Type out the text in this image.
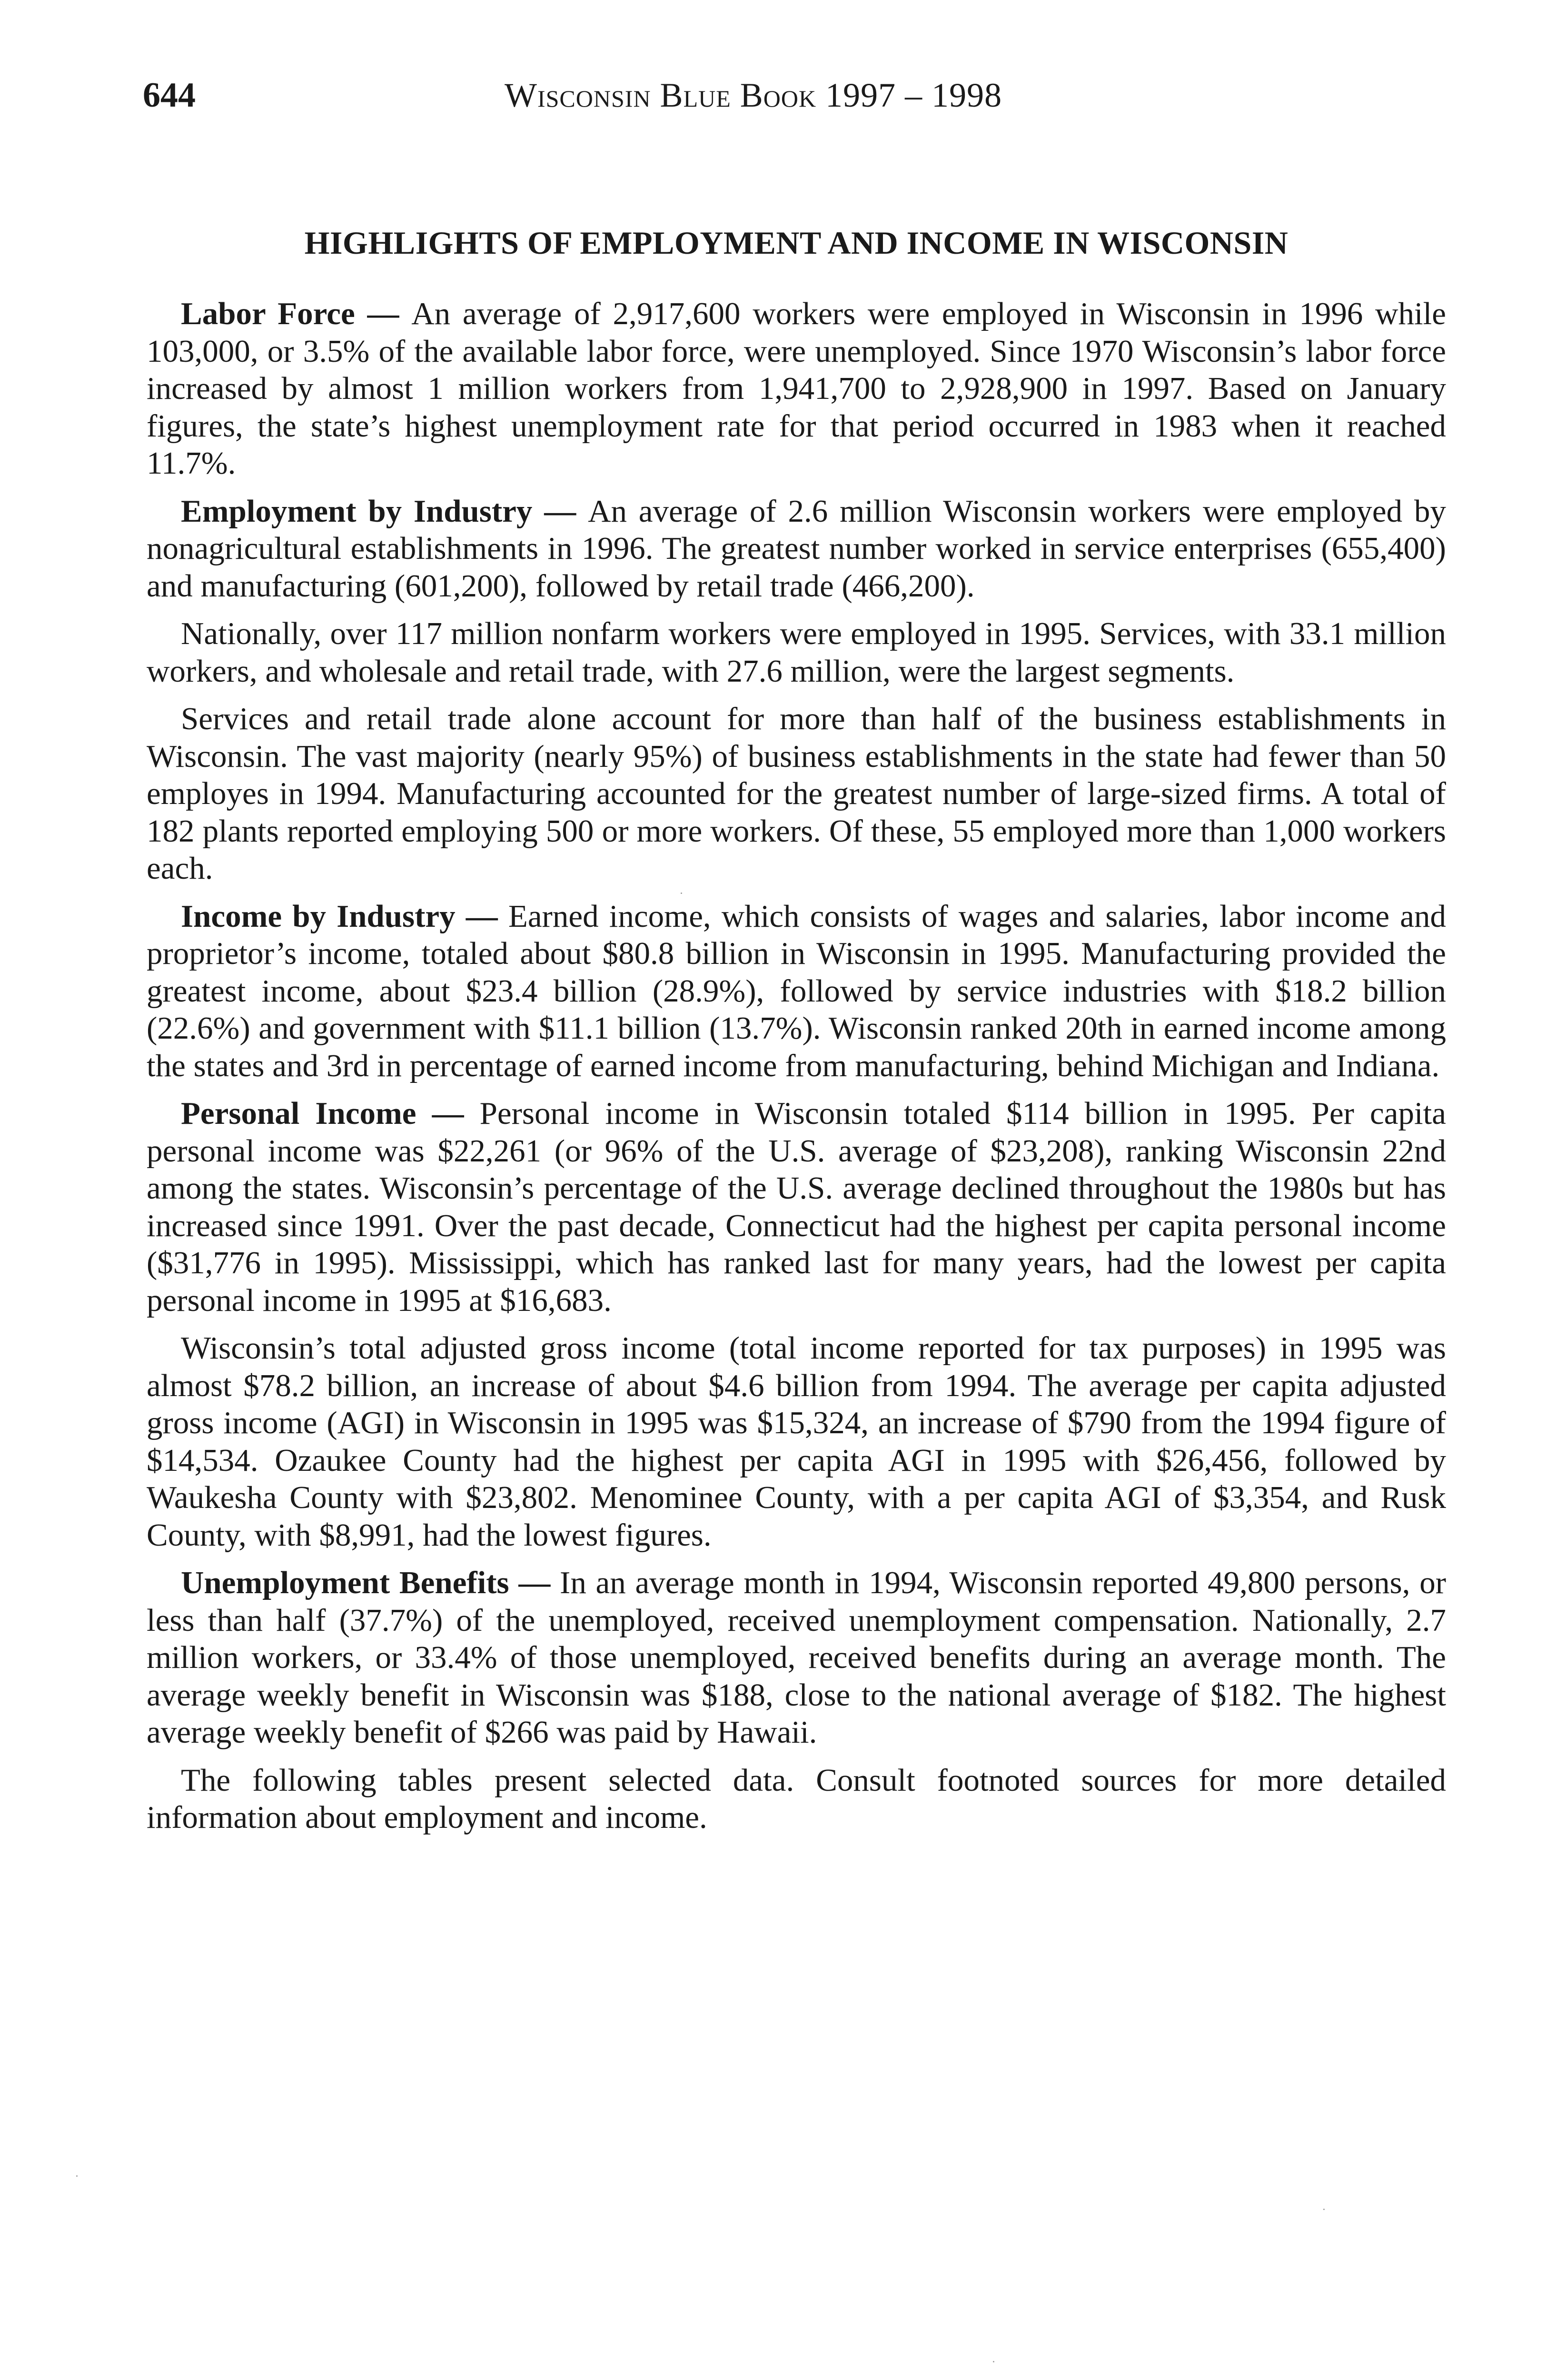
644	Wisconsin Blue Book 1997 – 1998
HIGHLIGHTS OF EMPLOYMENT AND INCOME IN WISCONSIN

Labor Force — An average of 2,917,600 workers were employed in Wisconsin in 1996 while 103,000, or 3.5% of the available labor force, were unemployed. Since 1970 Wisconsin’s labor force increased by almost 1 million workers from 1,941,700 to 2,928,900 in 1997. Based on January figures, the state’s highest unemployment rate for that period occurred in 1983 when it reached 11.7%.

Employment by Industry — An average of 2.6 million Wisconsin workers were employed by nonagricultural establishments in 1996. The greatest number worked in service enterprises (655,400) and manufacturing (601,200), followed by retail trade (466,200).

Nationally, over 117 million nonfarm workers were employed in 1995. Services, with 33.1 million workers, and wholesale and retail trade, with 27.6 million, were the largest segments.

Services and retail trade alone account for more than half of the business establishments in Wisconsin. The vast majority (nearly 95%) of business establishments in the state had fewer than 50 employes in 1994. Manufacturing accounted for the greatest number of large-sized firms. A total of 182 plants reported employing 500 or more workers. Of these, 55 employed more than 1,000 workers each.

Income by Industry — Earned income, which consists of wages and salaries, labor income and proprietor’s income, totaled about $80.8 billion in Wisconsin in 1995. Manufacturing provided the greatest income, about $23.4 billion (28.9%), followed by service industries with $18.2 billion (22.6%) and government with $11.1 billion (13.7%). Wisconsin ranked 20th in earned income among the states and 3rd in percentage of earned income from manufacturing, behind Michigan and Indiana.

Personal Income — Personal income in Wisconsin totaled $114 billion in 1995. Per capita personal income was $22,261 (or 96% of the U.S. average of $23,208), ranking Wisconsin 22nd among the states. Wisconsin’s percentage of the U.S. average declined throughout the 1980s but has increased since 1991. Over the past decade, Connecticut had the highest per capita personal income ($31,776 in 1995). Mississippi, which has ranked last for many years, had the lowest per capita personal income in 1995 at $16,683.

Wisconsin’s total adjusted gross income (total income reported for tax purposes) in 1995 was almost $78.2 billion, an increase of about $4.6 billion from 1994. The average per capita adjusted gross income (AGI) in Wisconsin in 1995 was $15,324, an increase of $790 from the 1994 figure of $14,534. Ozaukee County had the highest per capita AGI in 1995 with $26,456, followed by Waukesha County with $23,802. Menominee County, with a per capita AGI of $3,354, and Rusk County, with $8,991, had the lowest figures.

Unemployment Benefits — In an average month in 1994, Wisconsin reported 49,800 persons, or less than half (37.7%) of the unemployed, received unemployment compensation. Nationally, 2.7 million workers, or 33.4% of those unemployed, received benefits during an average month. The average weekly benefit in Wisconsin was $188, close to the national average of $182. The highest average weekly benefit of $266 was paid by Hawaii.

The following tables present selected data. Consult footnoted sources for more detailed information about employment and income.
